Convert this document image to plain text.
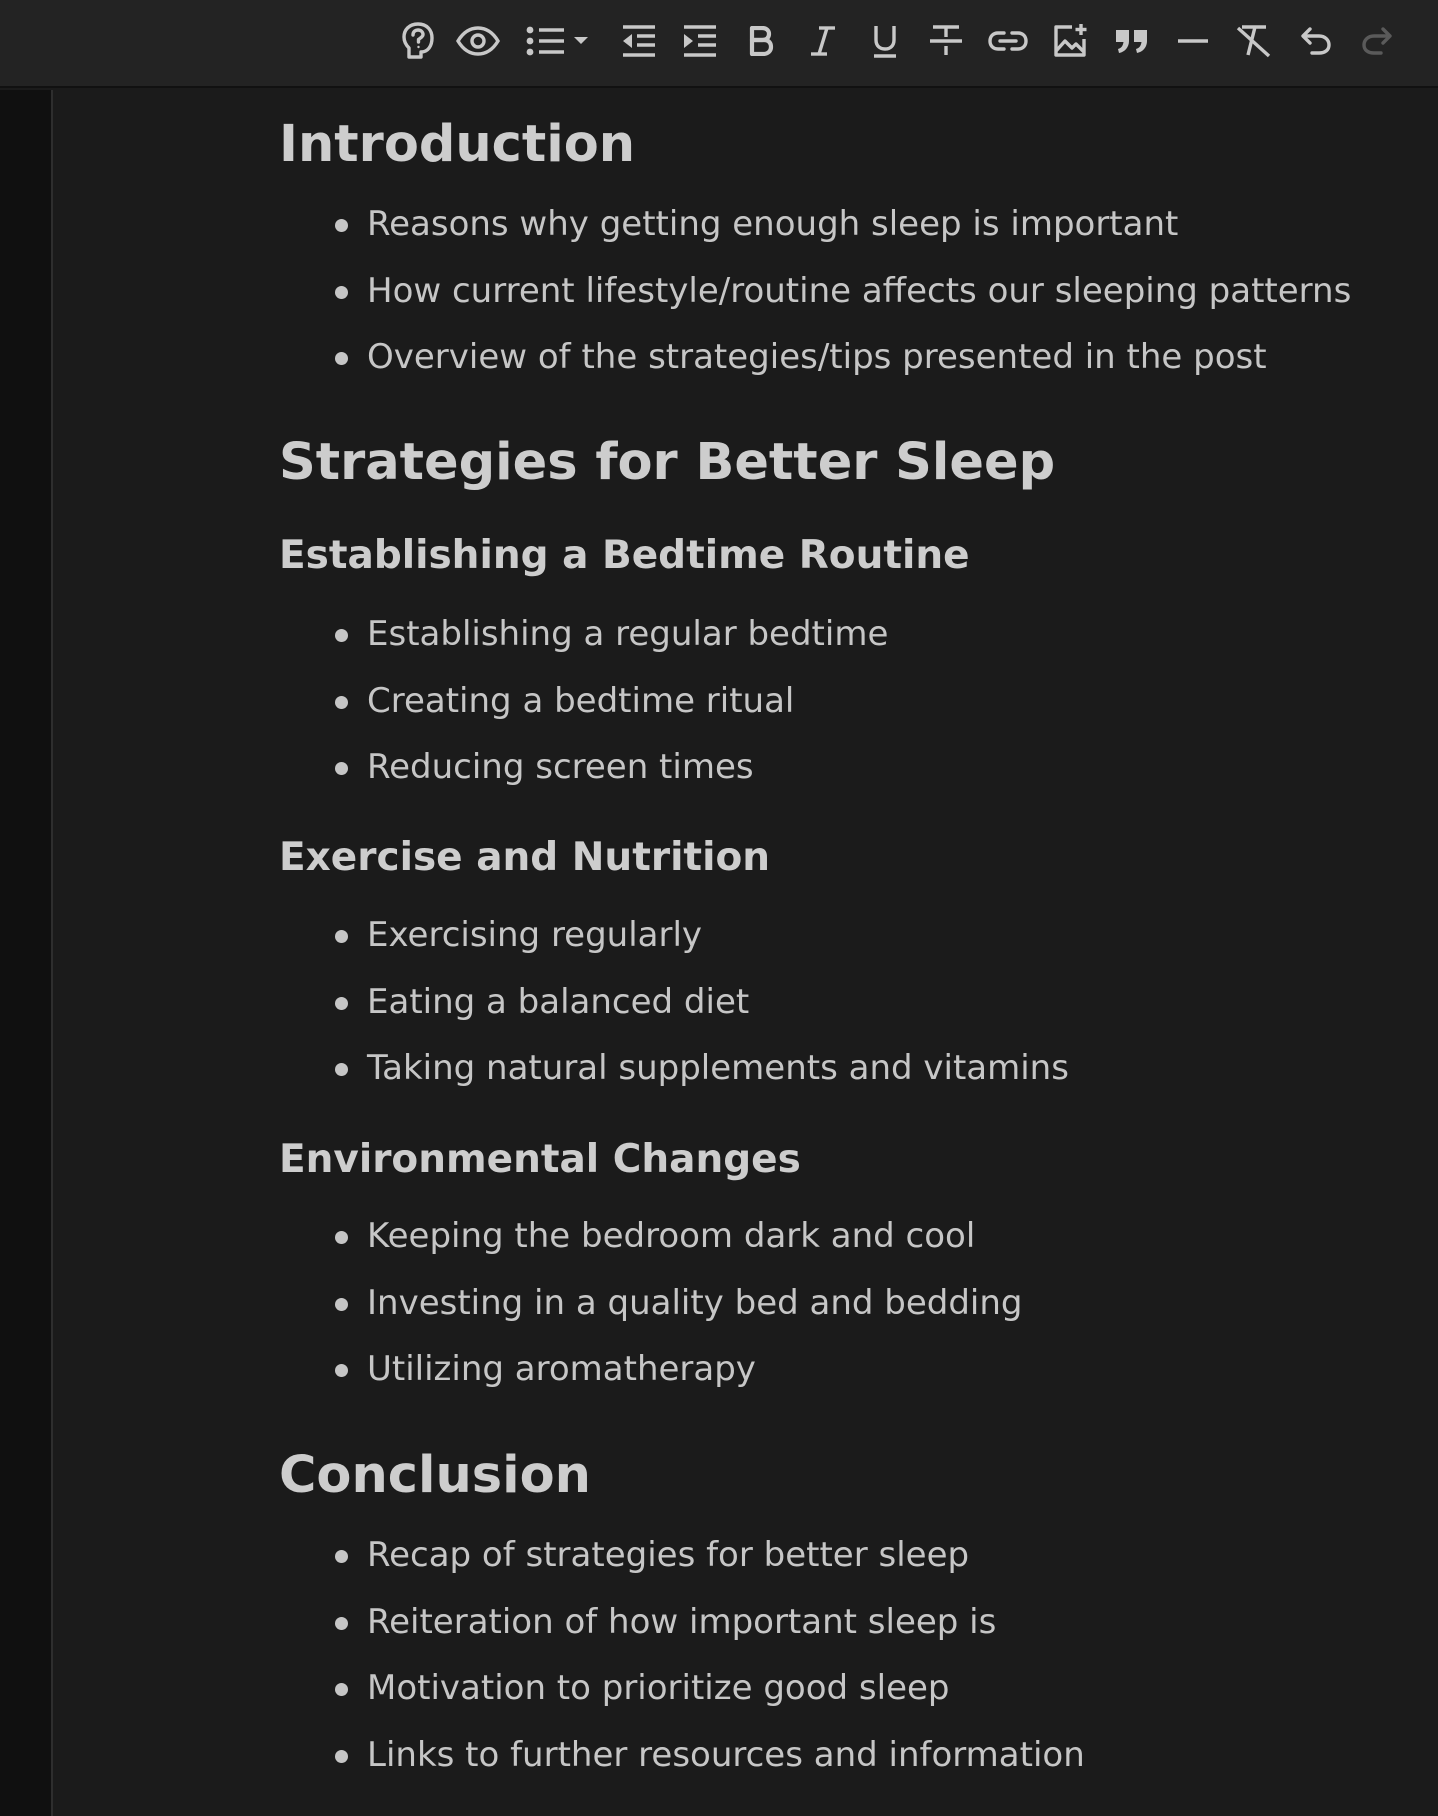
Introduction
Reasons why getting enough sleep is important
How current lifestyle/routine affects our sleeping patterns
Overview of the strategies/tips presented in the post
Strategies for Better Sleep
Establishing a Bedtime Routine
Establishing a regular bedtime
Creating a bedtime ritual
Reducing screen times
Exercise and Nutrition
Exercising regularly
Eating a balanced diet
Taking natural supplements and vitamins
Environmental Changes
Keeping the bedroom dark and cool
Investing in a quality bed and bedding
Utilizing aromatherapy
Conclusion
Recap of strategies for better sleep
Reiteration of how important sleep is
Motivation to prioritize good sleep
Links to further resources and information
